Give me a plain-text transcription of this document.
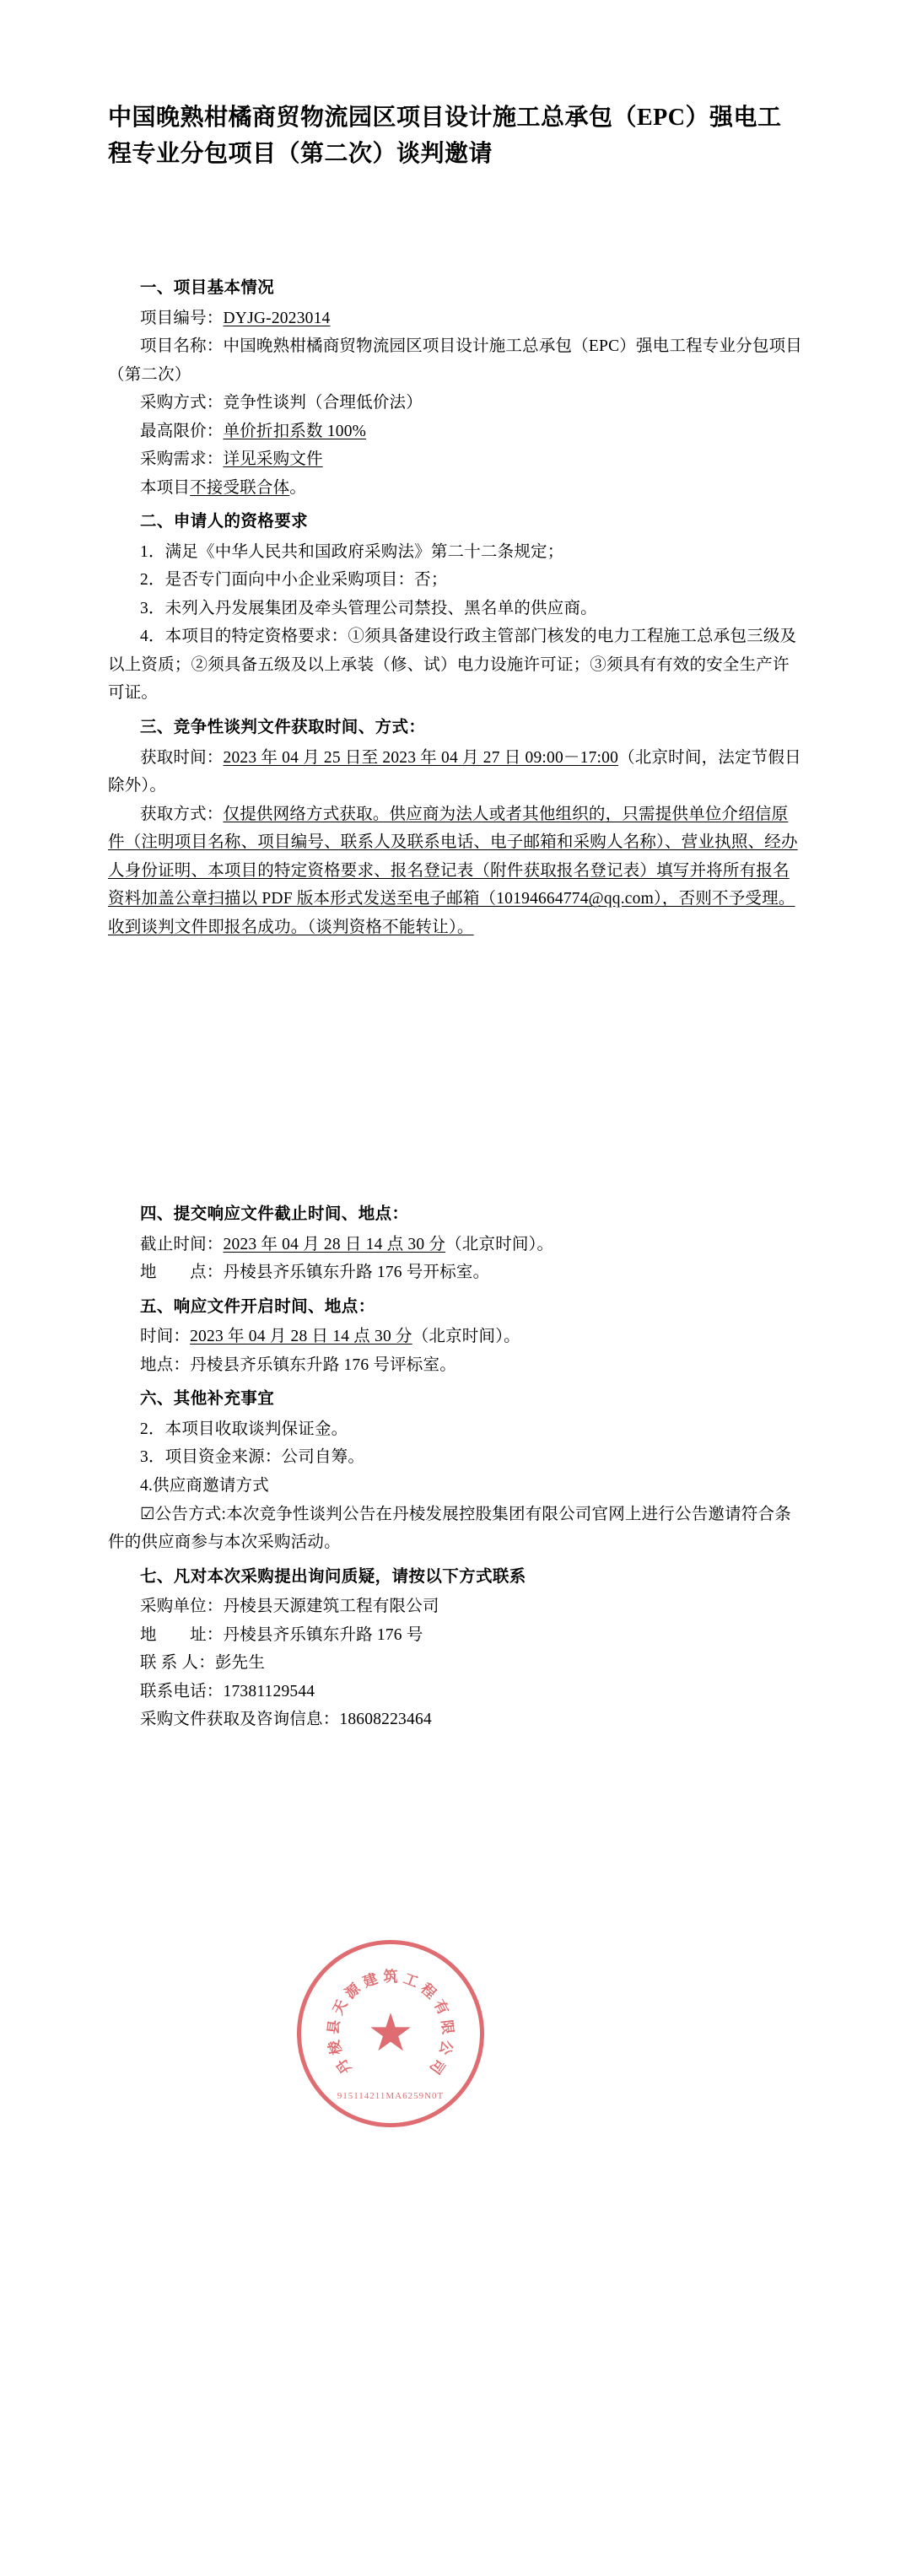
中国晚熟柑橘商贸物流园区项目设计施工总承包（EPC）强电工程专业分包项目（第二次）谈判邀请
一、项目基本情况
项目编号：DYJG-2023014
项目名称：中国晚熟柑橘商贸物流园区项目设计施工总承包（EPC）强电工程专业分包项目（第二次）
采购方式：竞争性谈判（合理低价法）
最高限价：单价折扣系数 100%
采购需求：详见采购文件
本项目不接受联合体。
二、申请人的资格要求
1．满足《中华人民共和国政府采购法》第二十二条规定；
2．是否专门面向中小企业采购项目：否；
3．未列入丹发展集团及牵头管理公司禁投、黑名单的供应商。
4．本项目的特定资格要求：①须具备建设行政主管部门核发的电力工程施工总承包三级及以上资质；②须具备五级及以上承装（修、试）电力设施许可证；③须具有有效的安全生产许可证。
三、竞争性谈判文件获取时间、方式：
获取时间：2023 年 04 月 25 日至 2023 年 04 月 27 日 09:00－17:00（北京时间，法定节假日除外）。
获取方式：仅提供网络方式获取。供应商为法人或者其他组织的，只需提供单位介绍信原件（注明项目名称、项目编号、联系人及联系电话、电子邮箱和采购人名称）、营业执照、经办人身份证明、本项目的特定资格要求、报名登记表（附件获取报名登记表）填写并将所有报名资料加盖公章扫描以 PDF 版本形式发送至电子邮箱（10194664774@qq.com），否则不予受理。收到谈判文件即报名成功。（谈判资格不能转让）。
四、提交响应文件截止时间、地点：
截止时间：2023 年 04 月 28 日 14 点 30 分（北京时间）。
地　　点：丹棱县齐乐镇东升路 176 号开标室。
五、响应文件开启时间、地点：
时间：2023 年 04 月 28 日 14 点 30 分（北京时间）。
地点：丹棱县齐乐镇东升路 176 号评标室。
六、其他补充事宜
2．本项目收取谈判保证金。
3．项目资金来源：公司自筹。
4.供应商邀请方式
☑公告方式:本次竞争性谈判公告在丹棱发展控股集团有限公司官网上进行公告邀请符合条件的供应商参与本次采购活动。
七、凡对本次采购提出询问质疑，请按以下方式联系
采购单位：丹棱县天源建筑工程有限公司
地　　址：丹棱县齐乐镇东升路 176 号
联 系 人：彭先生
联系电话：17381129544
采购文件获取及咨询信息：18608223464
丹
棱
县
天
源
建 筑 工
程
有
限
公
司
★
915114211MA6259N0T
